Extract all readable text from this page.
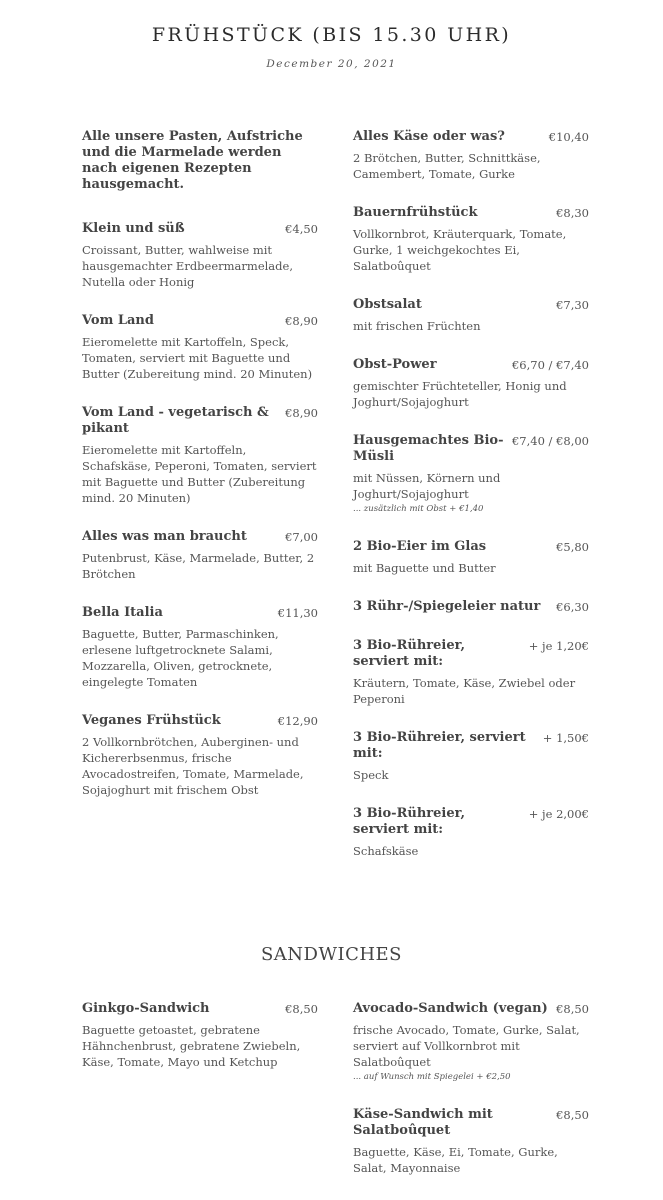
FRÜHSTÜCK (BIS 15.30 UHR)
December 20, 2021
Alle unsere Pasten, Aufstriche und die Marmelade werden nach eigenen Rezepten hausgemacht.
Klein und süß	€4,50
Croissant, Butter, wahlweise mit hausgemachter Erdbeermarmelade, Nutella oder Honig
Vom Land	€8,90
Eieromelette mit Kartoffeln, Speck, Tomaten, serviert mit Baguette und Butter (Zubereitung mind. 20 Minuten)
Vom Land - vegetarisch & pikant
€8,90
Eieromelette mit Kartoffeln, Schafskäse, Peperoni, Tomaten, serviert mit Baguette und Butter (Zubereitung mind. 20 Minuten)
Alles was man braucht	€7,00
Putenbrust, Käse, Marmelade, Butter, 2 Brötchen
Bella Italia	€11,30
Baguette, Butter, Parmaschinken, erlesene luftgetrocknete Salami, Mozzarella, Oliven, getrocknete, eingelegte Tomaten
Veganes Frühstück	€12,90
2 Vollkornbrötchen, Auberginen- und Kichererbsenmus, frische Avocadostreifen, Tomate, Marmelade, Sojajoghurt mit frischem Obst
Alles Käse oder was?	€10,40
2 Brötchen, Butter, Schnittkäse, Camembert, Tomate, Gurke
Bauernfrühstück	€8,30
Vollkornbrot, Kräuterquark, Tomate, Gurke, 1 weichgekochtes Ei, Salatboûquet
Obstsalat	€7,30
mit frischen Früchten
Obst-Power	€6,70 / €7,40
gemischter Früchteteller, Honig und Joghurt/Sojajoghurt
Hausgemachtes Bio-Müsli
€7,40 / €8,00
mit Nüssen, Körnern und Joghurt/Sojajoghurt
... zusätzlich mit Obst + €1,40
2 Bio-Eier im Glas	€5,80
mit Baguette und Butter
3 Rühr-/Spiegeleier natur	€6,30
3 Bio-Rühreier, serviert mit:
+ je 1,20€
Kräutern, Tomate, Käse, Zwiebel oder Peperoni
3 Bio-Rühreier, serviert mit:
+ 1,50€
Speck
3 Bio-Rühreier, serviert mit:
+ je 2,00€
Schafskäse
SANDWICHES
Ginkgo-Sandwich	€8,50
Baguette getoastet, gebratene Hähnchenbrust, gebratene Zwiebeln, Käse, Tomate, Mayo und Ketchup
Avocado-Sandwich (vegan) €8,50
frische Avocado, Tomate, Gurke, Salat, serviert auf Vollkornbrot mit Salatboûquet
... auf Wunsch mit Spiegelei + €2,50
Käse-Sandwich mit Salatboûquet
€8,50
Baguette, Käse, Ei, Tomate, Gurke, Salat, Mayonnaise
